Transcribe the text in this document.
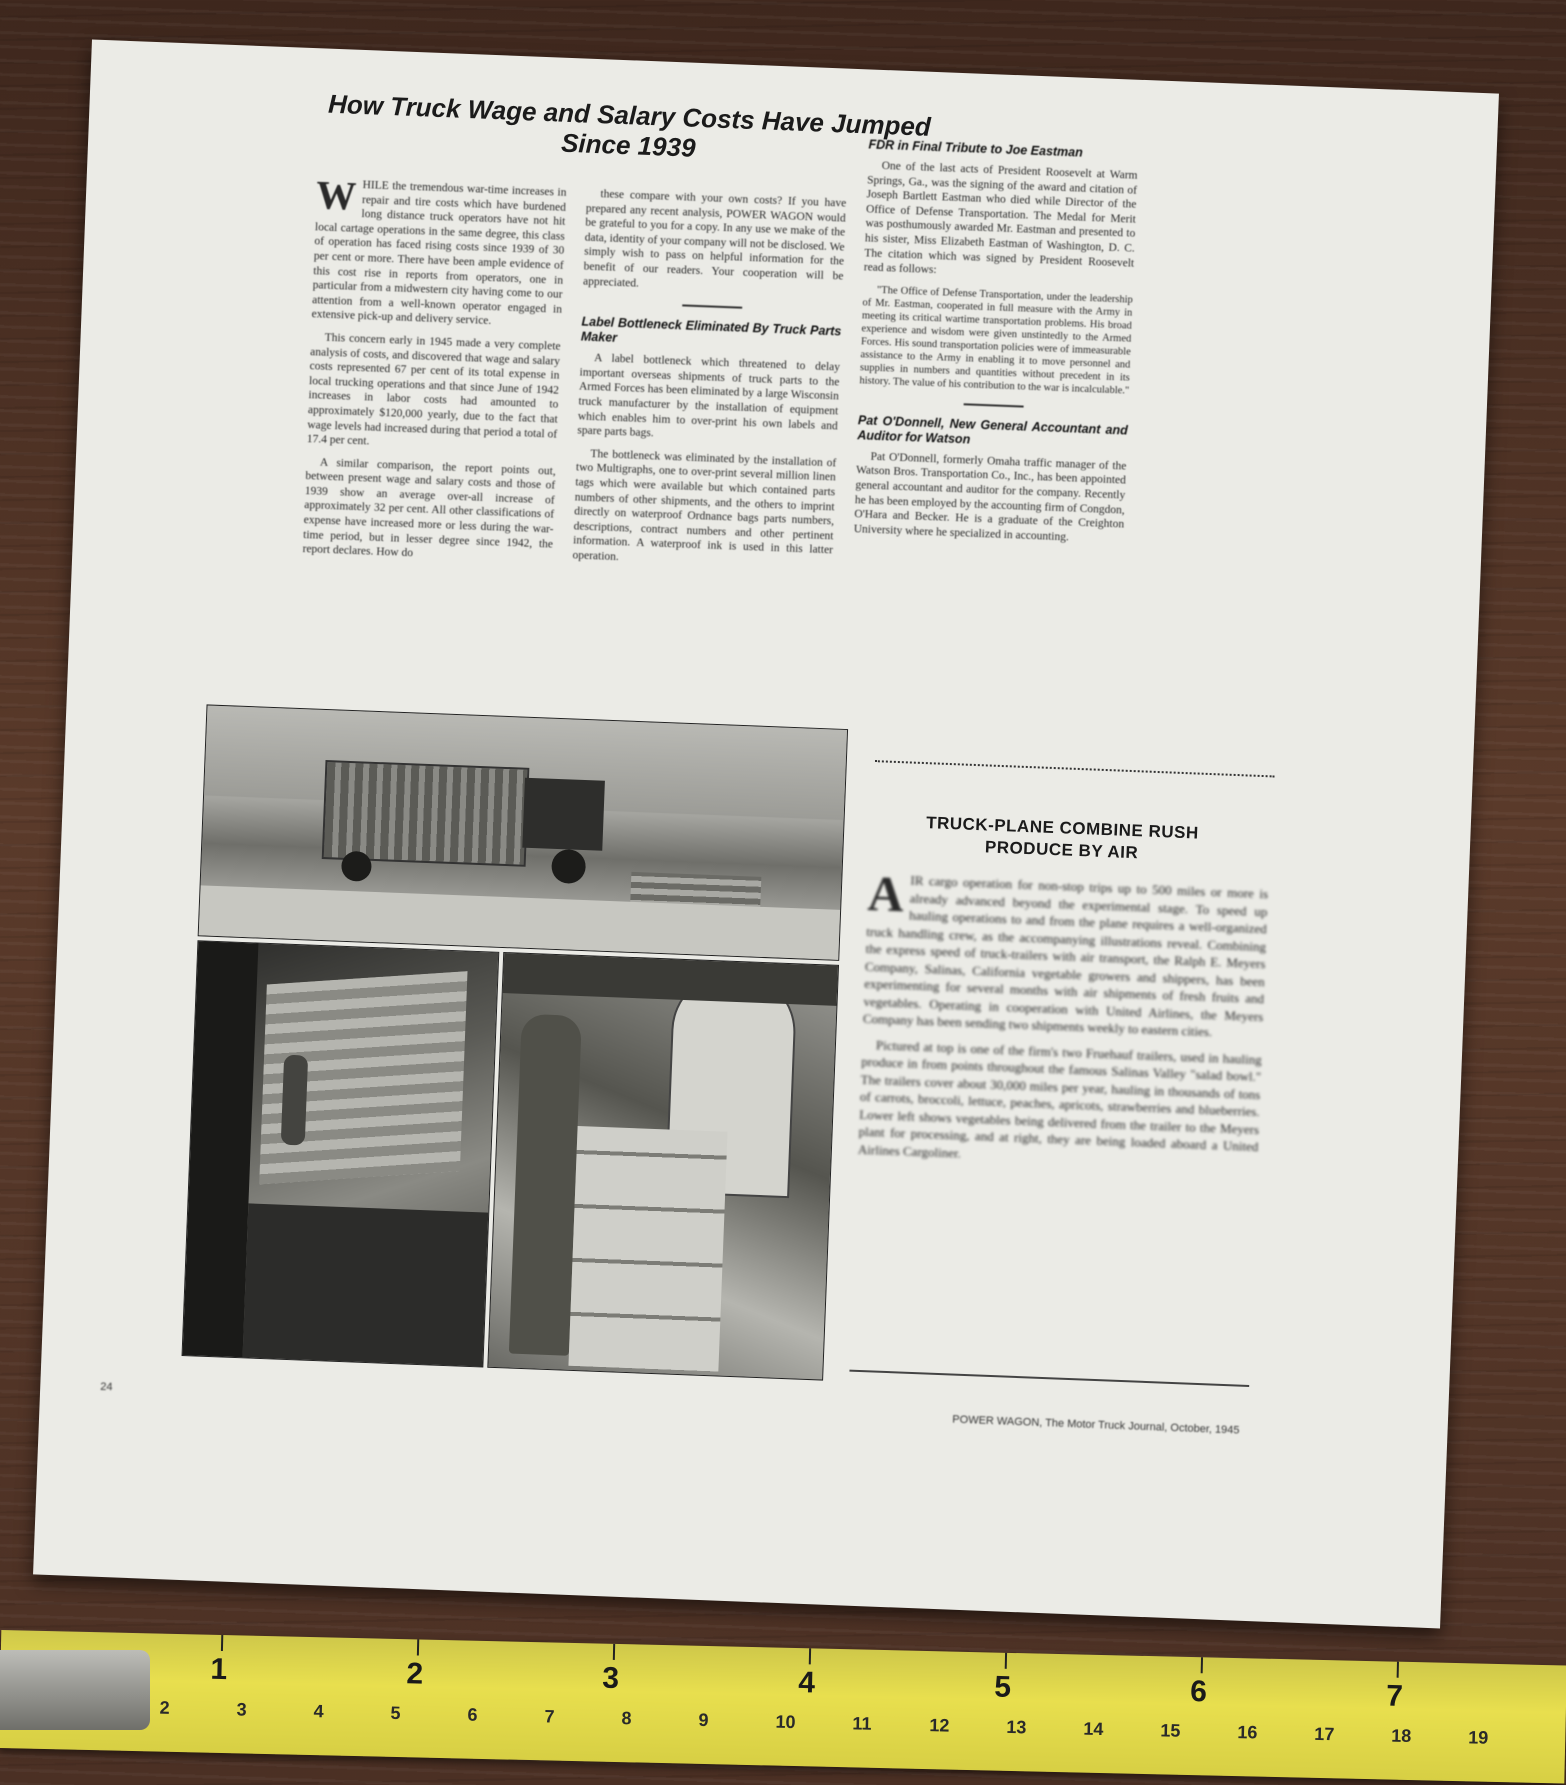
How Truck Wage and Salary Costs Have Jumped Since 1939

WHILE the tremendous war-time increases in repair and tire costs which have burdened long distance truck operators have not hit local cartage operations in the same degree, this class of operation has faced rising costs since 1939 of 30 per cent or more. There have been ample evidence of this cost rise in reports from operators, one in particular from a midwestern city having come to our attention from a well-known operator engaged in extensive pick-up and delivery service.

This concern early in 1945 made a very complete analysis of costs, and discovered that wage and salary costs represented 67 per cent of its total expense in local trucking operations and that since June of 1942 increases in labor costs had amounted to approximately $120,000 yearly, due to the fact that wage levels had increased during that period a total of 17.4 per cent.

A similar comparison, the report points out, between present wage and salary costs and those of 1939 show an average over-all increase of approximately 32 per cent. All other classifications of expense have increased more or less during the war-time period, but in lesser degree since 1942, the report declares. How do

these compare with your own costs? If you have prepared any recent analysis, POWER WAGON would be grateful to you for a copy. In any use we make of the data, identity of your company will not be disclosed. We simply wish to pass on helpful information for the benefit of our readers. Your cooperation will be appreciated.

Label Bottleneck Eliminated By Truck Parts Maker

A label bottleneck which threatened to delay important overseas shipments of truck parts to the Armed Forces has been eliminated by a large Wisconsin truck manufacturer by the installation of equipment which enables him to over-print his own labels and spare parts bags.

The bottleneck was eliminated by the installation of two Multigraphs, one to over-print several million linen tags which were available but which contained parts numbers of other shipments, and the others to imprint directly on waterproof Ordnance bags parts numbers, descriptions, contract numbers and other pertinent information. A waterproof ink is used in this latter operation.

FDR in Final Tribute to Joe Eastman

One of the last acts of President Roosevelt at Warm Springs, Ga., was the signing of the award and citation of Joseph Bartlett Eastman who died while Director of the Office of Defense Transportation. The Medal for Merit was posthumously awarded Mr. Eastman and presented to his sister, Miss Elizabeth Eastman of Washington, D. C. The citation which was signed by President Roosevelt read as follows:

"The Office of Defense Transportation, under the leadership of Mr. Eastman, cooperated in full measure with the Army in meeting its critical wartime transportation problems. His broad experience and wisdom were given unstintedly to the Armed Forces. His sound transportation policies were of immeasurable assistance to the Army in enabling it to move personnel and supplies in numbers and quantities without precedent in its history. The value of his contribution to the war is incalculable."

Pat O'Donnell, New General Accountant and Auditor for Watson

Pat O'Donnell, formerly Omaha traffic manager of the Watson Bros. Transportation Co., Inc., has been appointed general accountant and auditor for the company. Recently he has been employed by the accounting firm of Congdon, O'Hara and Becker. He is a graduate of the Creighton University where he specialized in accounting.

TRUCK-PLANE COMBINE RUSH PRODUCE BY AIR

AIR cargo operation for non-stop trips up to 500 miles or more is already advanced beyond the experimental stage. To speed up hauling operations to and from the plane requires a well-organized truck handling crew, as the accompanying illustrations reveal. Combining the express speed of truck-trailers with air transport, the Ralph E. Meyers Company, Salinas, California vegetable growers and shippers, has been experimenting for several months with air shipments of fresh fruits and vegetables. Operating in cooperation with United Airlines, the Meyers Company has been sending two shipments weekly to eastern cities.

Pictured at top is one of the firm's two Fruehauf trailers, used in hauling produce in from points throughout the famous Salinas Valley "salad bowl." The trailers cover about 30,000 miles per year, hauling in thousands of tons of carrots, broccoli, lettuce, peaches, apricots, strawberries and blueberries. Lower left shows vegetables being delivered from the trailer to the Meyers plant for processing, and at right, they are being loaded aboard a United Airlines Cargoliner.

24
POWER WAGON, The Motor Truck Journal, October, 1945
1	2	3	4	5	6	7
2	3	4	5	6	7	8	9	10	11	12	13	14	15	16	17	18	19
